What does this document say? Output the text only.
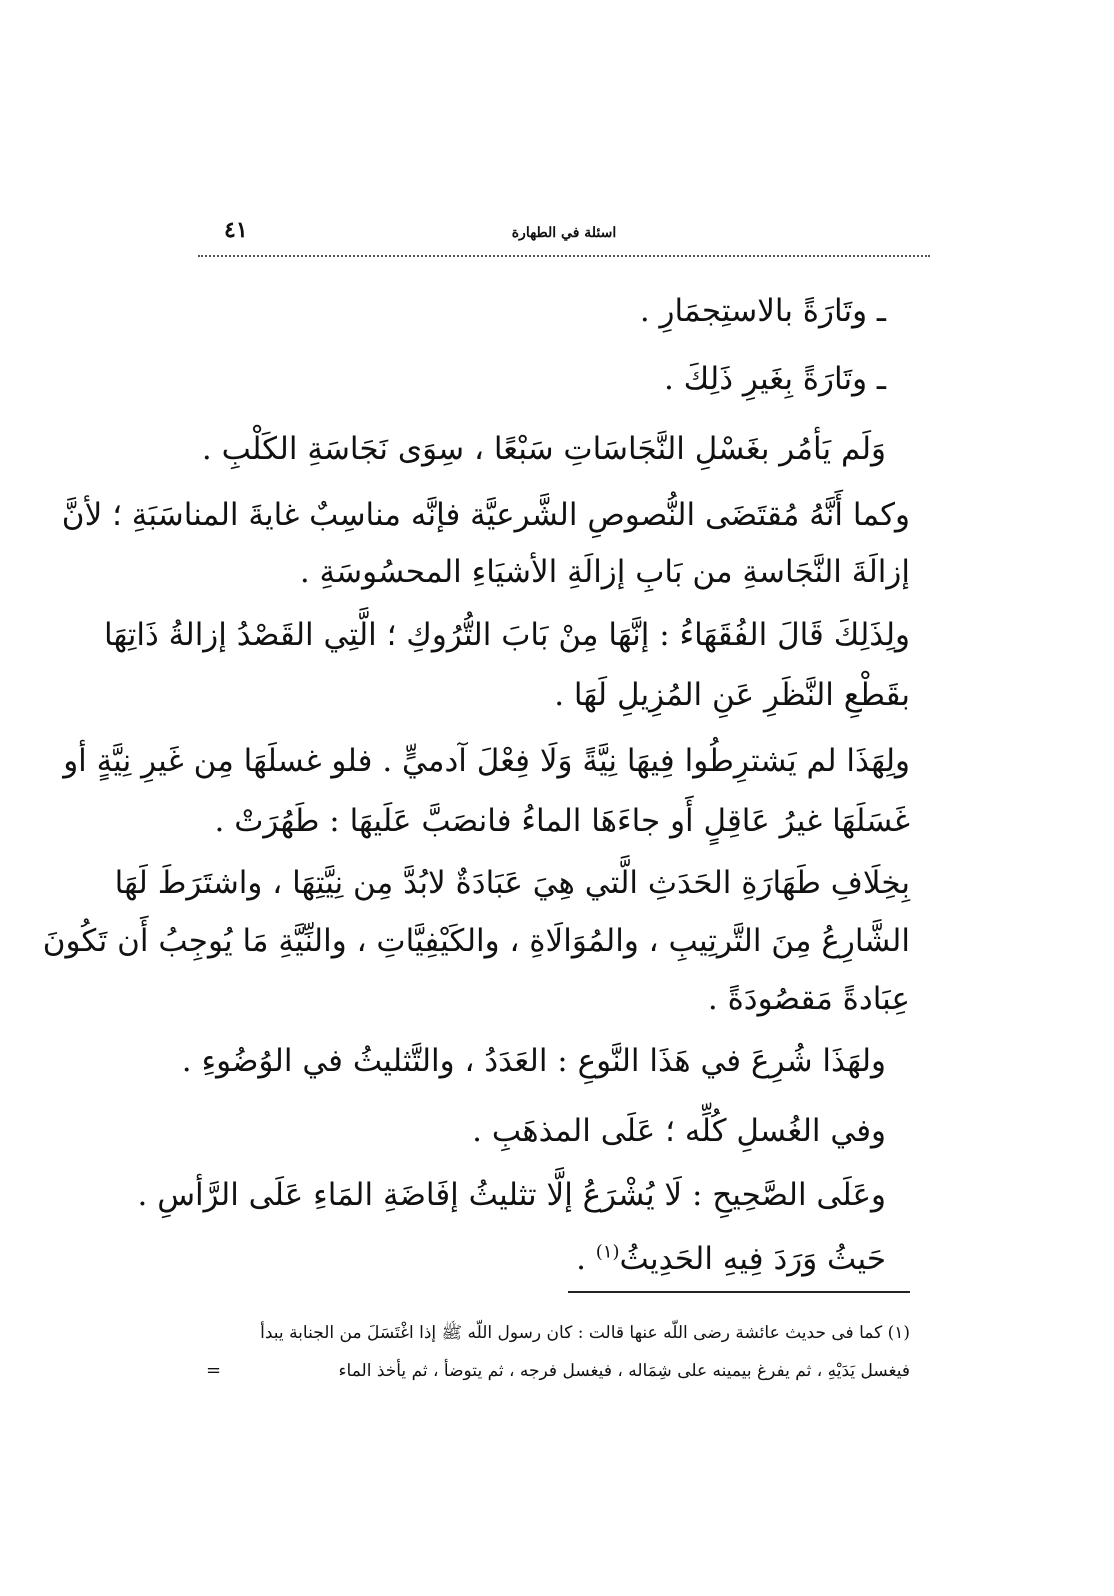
٤١	اسئلة في الطهارة
ـ وتَارَةً بالاستِجمَارِ .
ـ وتَارَةً بِغَيرِ ذَلِكَ .
وَلَم يَأمُر بغَسْلِ النَّجَاسَاتِ سَبْعًا ، سِوَى نَجَاسَةِ الكَلْبِ .
وكما أَنَّهُ مُقتَضَى النُّصوصِ الشَّرعيَّة فإنَّه مناسِبٌ غايةَ المناسَبَةِ ؛ لأنَّ
إزالَةَ النَّجَاسةِ من بَابِ إزالَةِ الأشيَاءِ المحسُوسَةِ .
ولِذَلِكَ قَالَ الفُقَهَاءُ : إنَّهَا مِنْ بَابَ التُّرُوكِ ؛ الَّتِي القَصْدُ إزالةُ ذَاتِهَا
بقَطْعِ النَّظَرِ عَنِ المُزِيلِ لَهَا .
ولِهَذَا لم يَشترِطُوا فِيهَا نِيَّةً وَلَا فِعْلَ آدميٍّ . فلو غسلَهَا مِن غَيرِ نِيَّةٍ أو
غَسَلَهَا غيرُ عَاقِلٍ أَو جاءَهَا الماءُ فانصَبَّ عَلَيهَا : طَهُرَتْ .
بِخِلَافِ طَهَارَةِ الحَدَثِ الَّتي هِيَ عَبَادَةٌ لابُدَّ مِن نِيَّتِهَا ، واشتَرَطَ لَهَا
الشَّارِعُ مِنَ التَّرتِيبِ ، والمُوَالَاةِ ، والكَيْفِيَّاتِ ، والنِّيَّةِ مَا يُوجِبُ أَن تَكُونَ
عِبَادةً مَقصُودَةً .
ولهَذَا شُرِعَ في هَذَا النَّوعِ : العَدَدُ ، والتَّثليثُ في الوُضُوءِ .
وفي الغُسلِ كُلِّه ؛ عَلَى المذهَبِ .
وعَلَى الصَّحِيحِ : لَا يُشْرَعُ إلَّا تثليثُ إفَاضَةِ المَاءِ عَلَى الرَّأسِ .
حَيثُ وَرَدَ فِيهِ الحَدِيثُ$^{(١)}$ .
(١) كما فى حديث عائشة رضى اللّه عنها قالت : كان رسول اللّه ﷺ إذا اغْتَسَلَ من الجنابة يبدأ
فيغسل يَدَيْهِ ، ثم يفرغ بيمينه على شِمَاله ، فيغسل فرجه ، ثم يتوضأ ، ثم يأخذ الماء
=
